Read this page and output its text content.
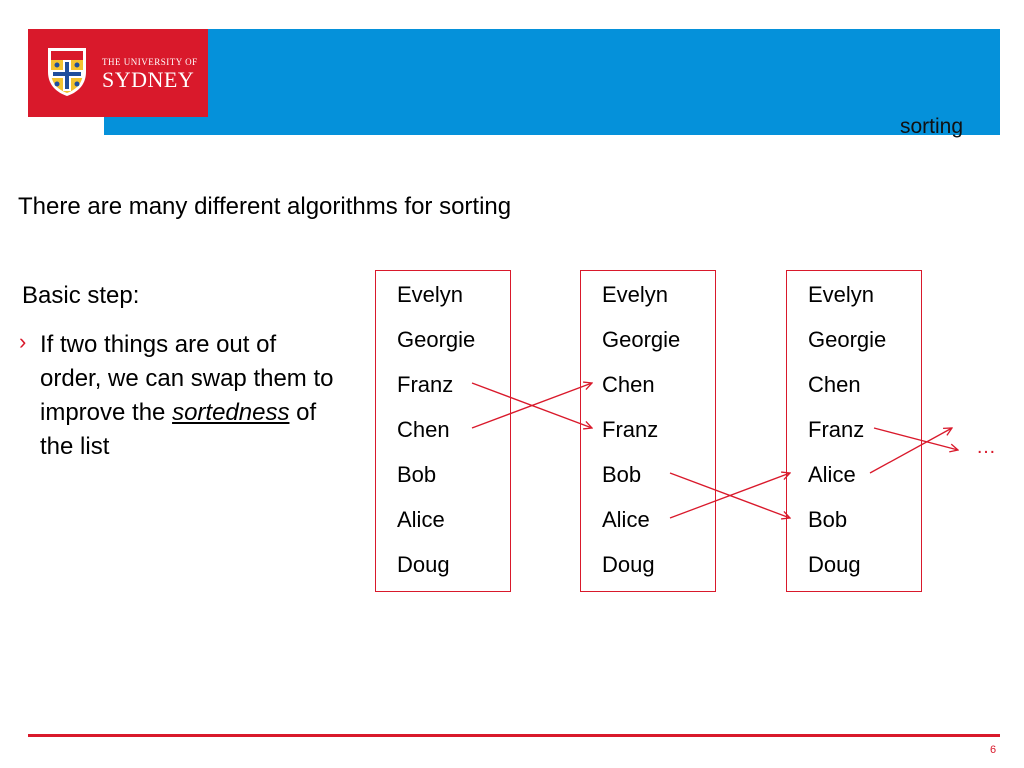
sorting
THE UNIVERSITY OF
SYDNEY
There are many different algorithms for sorting
Basic step:
› If two things are out of order, we can swap them to improve the sortedness of the list	…
Evelyn
Georgie
Franz
Chen
Bob
Alice
Doug
Evelyn
Georgie
Chen
Franz
Bob
Alice
Doug
Evelyn
Georgie
Chen
Franz
Alice
Bob
Doug
6
